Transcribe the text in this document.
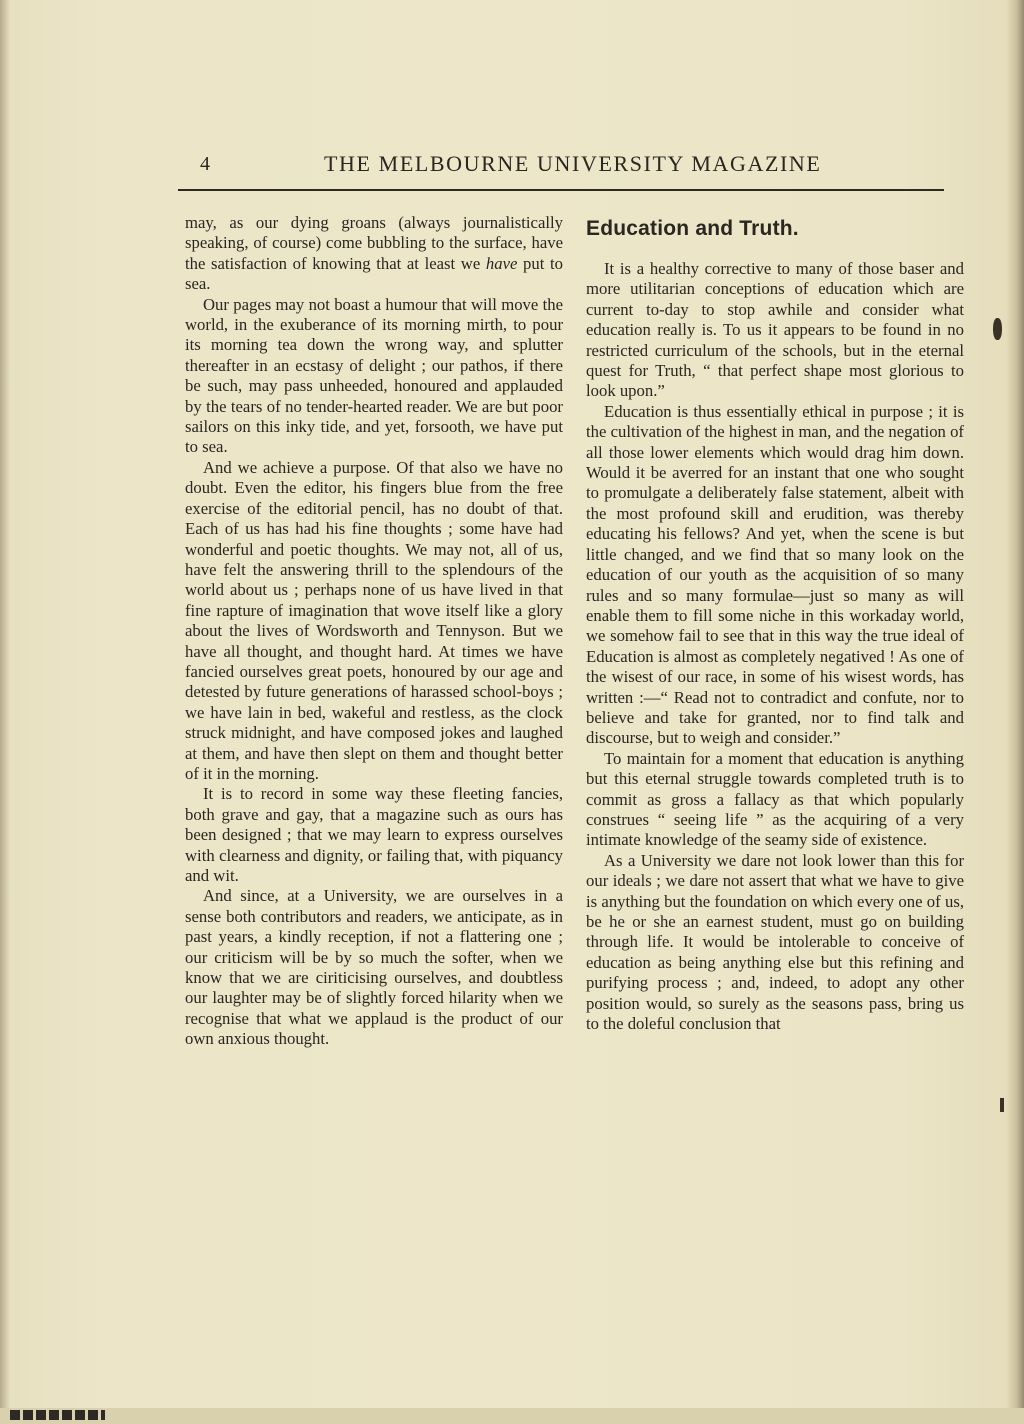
4	THE MELBOURNE UNIVERSITY MAGAZINE

may, as our dying groans (always journalistically speaking, of course) come bubbling to the surface, have the satisfaction of knowing that at least we have put to sea.

Our pages may not boast a humour that will move the world, in the exuberance of its morning mirth, to pour its morning tea down the wrong way, and splutter thereafter in an ecstasy of delight ; our pathos, if there be such, may pass unheeded, honoured and applauded by the tears of no tender-hearted reader. We are but poor sailors on this inky tide, and yet, forsooth, we have put to sea.

And we achieve a purpose. Of that also we have no doubt. Even the editor, his fingers blue from the free exercise of the editorial pencil, has no doubt of that. Each of us has had his fine thoughts ; some have had wonderful and poetic thoughts. We may not, all of us, have felt the answering thrill to the splendours of the world about us ; perhaps none of us have lived in that fine rapture of imagination that wove itself like a glory about the lives of Wordsworth and Tennyson. But we have all thought, and thought hard. At times we have fancied ourselves great poets, honoured by our age and detested by future generations of harassed school-boys ; we have lain in bed, wakeful and restless, as the clock struck midnight, and have composed jokes and laughed at them, and have then slept on them and thought better of it in the morning.

It is to record in some way these fleeting fancies, both grave and gay, that a magazine such as ours has been designed ; that we may learn to express ourselves with clearness and dignity, or failing that, with piquancy and wit.

And since, at a University, we are ourselves in a sense both contributors and readers, we anticipate, as in past years, a kindly reception, if not a flattering one ; our criticism will be by so much the softer, when we know that we are ciriticising ourselves, and doubtless our laughter may be of slightly forced hilarity when we recognise that what we applaud is the product of our own anxious thought.

Education and Truth.

It is a healthy corrective to many of those baser and more utilitarian conceptions of education which are current to-day to stop awhile and consider what education really is. To us it appears to be found in no restricted curriculum of the schools, but in the eternal quest for Truth, “ that perfect shape most glorious to look upon.”

Education is thus essentially ethical in purpose ; it is the cultivation of the highest in man, and the negation of all those lower elements which would drag him down. Would it be averred for an instant that one who sought to promulgate a deliberately false statement, albeit with the most profound skill and erudition, was thereby educating his fellows? And yet, when the scene is but little changed, and we find that so many look on the education of our youth as the acquisition of so many rules and so many formulae—just so many as will enable them to fill some niche in this workaday world, we somehow fail to see that in this way the true ideal of Education is almost as completely negatived ! As one of the wisest of our race, in some of his wisest words, has written :—“ Read not to contradict and confute, nor to believe and take for granted, nor to find talk and discourse, but to weigh and consider.”

To maintain for a moment that education is anything but this eternal struggle towards completed truth is to commit as gross a fallacy as that which popularly construes “ seeing life ” as the acquiring of a very intimate knowledge of the seamy side of existence.

As a University we dare not look lower than this for our ideals ; we dare not assert that what we have to give is anything but the foundation on which every one of us, be he or she an earnest student, must go on building through life. It would be intolerable to conceive of education as being anything else but this refining and purifying process ; and, indeed, to adopt any other position would, so surely as the seasons pass, bring us to the doleful conclusion that
